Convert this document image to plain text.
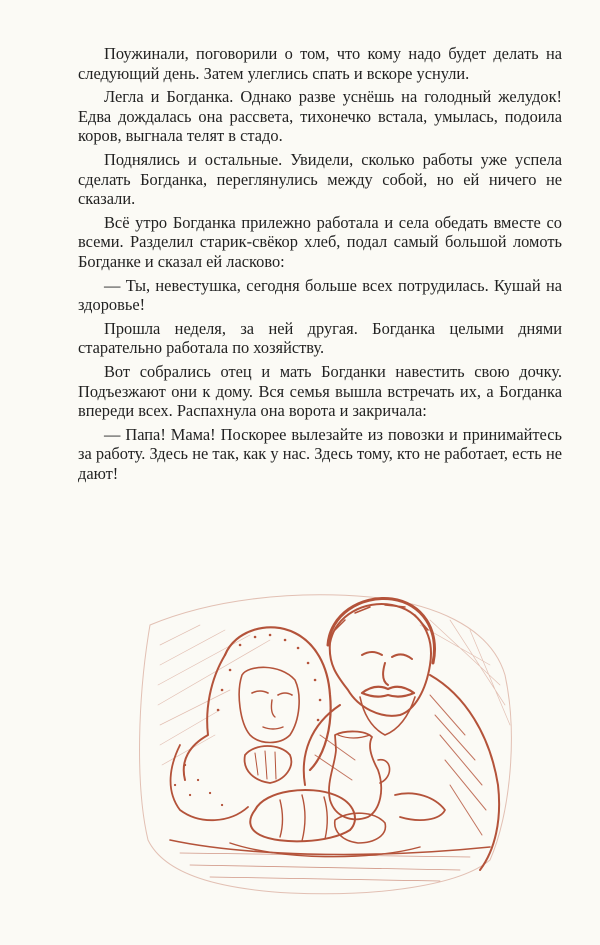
Поужинали, поговорили о том, что кому надо будет делать на следующий день. Затем улеглись спать и вскоре уснули.

Легла и Богданка. Однако разве уснёшь на голодный желудок! Едва дождалась она рассвета, тихонечко встала, умылась, подоила коров, выгнала телят в стадо.

Поднялись и остальные. Увидели, сколько работы уже успела сделать Богданка, переглянулись между собой, но ей ничего не сказали.

Всё утро Богданка прилежно работала и села обедать вместе со всеми. Разделил старик-свёкор хлеб, подал самый большой ломоть Богданке и сказал ей ласково:

— Ты, невестушка, сегодня больше всех потрудилась. Кушай на здоровье!

Прошла неделя, за ней другая. Богданка целыми днями старательно работала по хозяйству.

Вот собрались отец и мать Богданки навестить свою дочку. Подъезжают они к дому. Вся семья вышла встречать их, а Богданка впереди всех. Распахнула она ворота и закричала:

— Папа! Мама! Поскорее вылезайте из повозки и принимайтесь за работу. Здесь не так, как у нас. Здесь тому, кто не работает, есть не дают!
